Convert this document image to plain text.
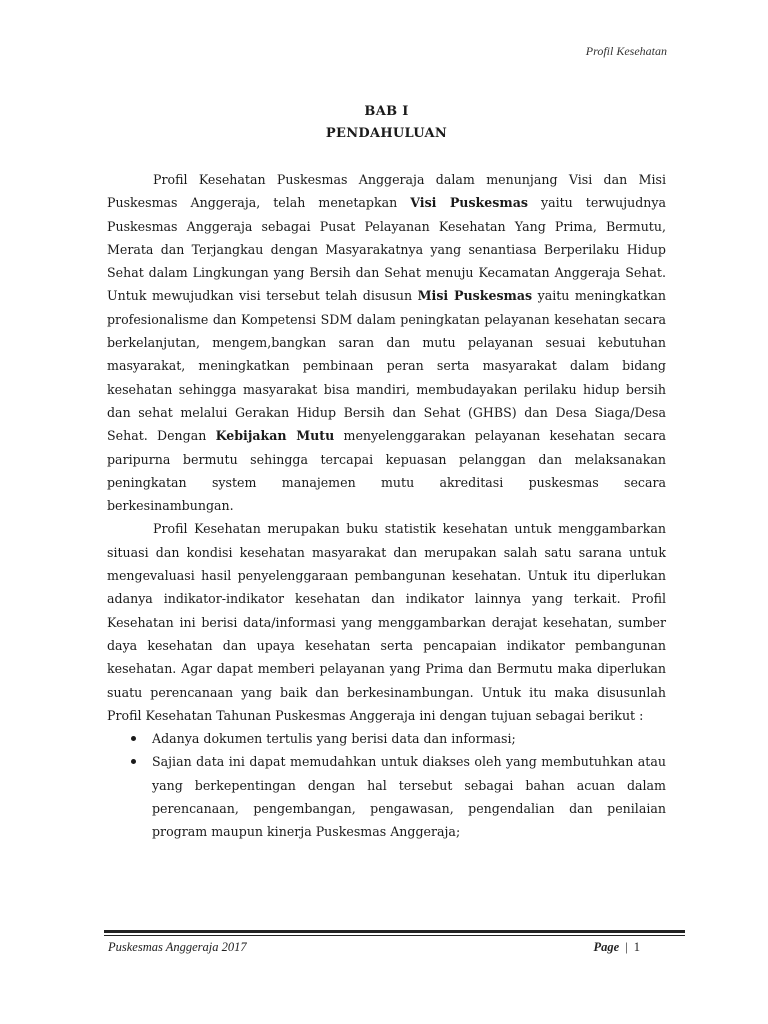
Profil Kesehatan
BAB I
PENDAHULUAN

Profil Kesehatan Puskesmas Anggeraja dalam menunjang Visi dan Misi Puskesmas Anggeraja, telah menetapkan Visi Puskesmas yaitu terwujudnya Puskesmas Anggeraja sebagai Pusat Pelayanan Kesehatan Yang Prima, Bermutu, Merata dan Terjangkau dengan Masyarakatnya yang senantiasa Berperilaku Hidup Sehat dalam Lingkungan yang Bersih dan Sehat menuju Kecamatan Anggeraja Sehat. Untuk mewujudkan visi tersebut telah disusun Misi Puskesmas yaitu meningkatkan profesionalisme dan Kompetensi SDM dalam peningkatan pelayanan kesehatan secara berkelanjutan, mengem,bangkan saran dan mutu pelayanan sesuai kebutuhan masyarakat, meningkatkan pembinaan peran serta masyarakat dalam bidang kesehatan sehingga masyarakat bisa mandiri, membudayakan perilaku hidup bersih dan sehat melalui Gerakan Hidup Bersih dan Sehat (GHBS) dan Desa Siaga/Desa Sehat. Dengan Kebijakan Mutu menyelenggarakan pelayanan kesehatan secara paripurna bermutu sehingga tercapai kepuasan pelanggan dan melaksanakan peningkatan system manajemen mutu akreditasi puskesmas secara berkesinambungan.

Profil Kesehatan merupakan buku statistik kesehatan untuk menggambarkan situasi dan kondisi kesehatan masyarakat dan merupakan salah satu sarana untuk mengevaluasi hasil penyelenggaraan pembangunan kesehatan. Untuk itu diperlukan adanya indikator-indikator kesehatan dan indikator lainnya yang terkait. Profil Kesehatan ini berisi data/informasi yang menggambarkan derajat kesehatan, sumber daya kesehatan dan upaya kesehatan serta pencapaian indikator pembangunan kesehatan. Agar dapat memberi pelayanan yang Prima dan Bermutu maka diperlukan suatu perencanaan yang baik dan berkesinambungan. Untuk itu maka disusunlah Profil Kesehatan Tahunan Puskesmas Anggeraja ini dengan tujuan sebagai berikut :

Adanya dokumen tertulis yang berisi data dan informasi;
Sajian data ini dapat memudahkan untuk diakses oleh yang membutuhkan atau yang berkepentingan dengan hal tersebut sebagai bahan acuan dalam perencanaan, pengembangan, pengawasan, pengendalian dan penilaian program maupun kinerja Puskesmas Anggeraja;
Puskesmas Anggeraja 2017	Page | 1
